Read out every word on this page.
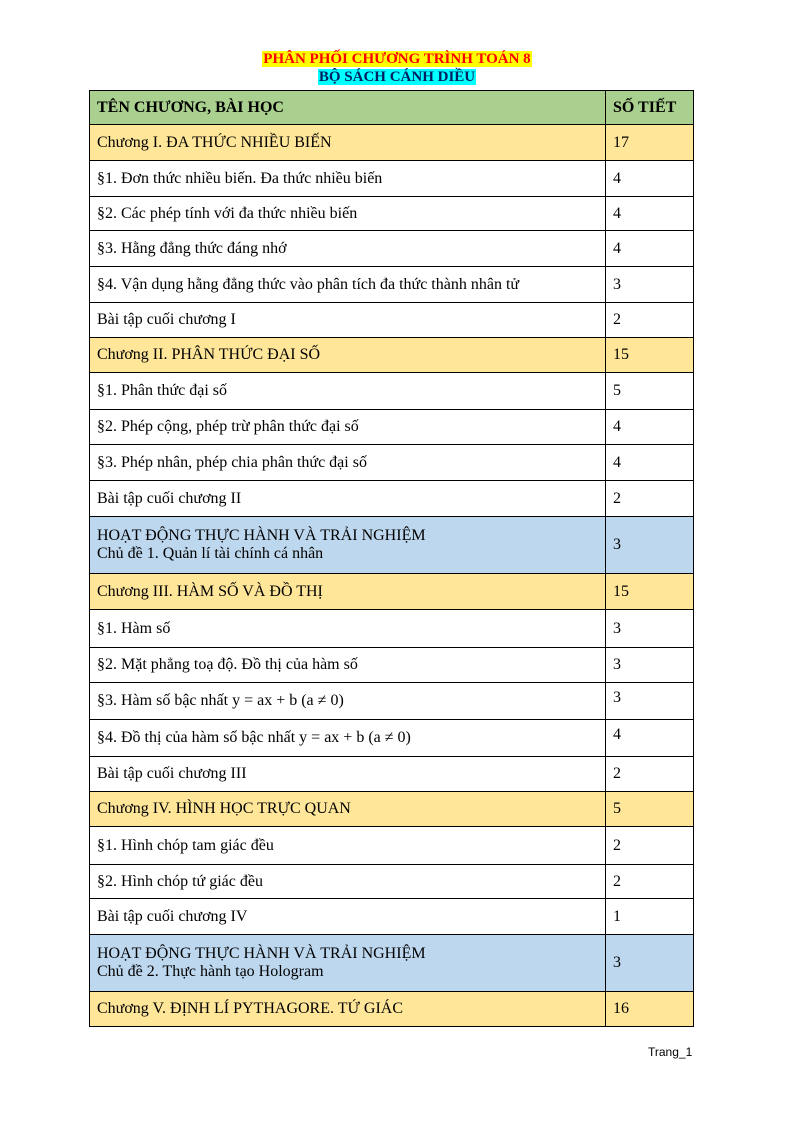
PHÂN PHỐI CHƯƠNG TRÌNH TOÁN 8
BỘ SÁCH CÁNH DIỀU
TÊN CHƯƠNG, BÀI HỌC	SỐ TIẾT
Chương I. ĐA THỨC NHIỀU BIẾN	17
§1. Đơn thức nhiều biến. Đa thức nhiều biến	4
§2. Các phép tính với đa thức nhiều biến	4
§3. Hằng đẳng thức đáng nhớ	4
§4. Vận dụng hằng đẳng thức vào phân tích đa thức thành nhân tử	3
Bài tập cuối chương I	2
Chương II. PHÂN THỨC ĐẠI SỐ	15
§1. Phân thức đại số	5
§2. Phép cộng, phép trừ phân thức đại số	4
§3. Phép nhân, phép chia phân thức đại số	4
Bài tập cuối chương II	2

HOẠT ĐỘNG THỰC HÀNH VÀ TRẢI NGHIỆM
Chủ đề 1. Quản lí tài chính cá nhân	3
Chương III. HÀM SỐ VÀ ĐỒ THỊ	15
§1. Hàm số	3
§2. Mặt phẳng toạ độ. Đồ thị của hàm số	3
§3. Hàm số bậc nhất y = ax + b (a ≠ 0)	3
§4. Đồ thị của hàm số bậc nhất y = ax + b (a ≠ 0)	4
Bài tập cuối chương III	2
Chương IV. HÌNH HỌC TRỰC QUAN	5
§1. Hình chóp tam giác đều	2
§2. Hình chóp tứ giác đều	2
Bài tập cuối chương IV	1

HOẠT ĐỘNG THỰC HÀNH VÀ TRẢI NGHIỆM
Chủ đề 2. Thực hành tạo Hologram	3
Chương V. ĐỊNH LÍ PYTHAGORE. TỨ GIÁC	16
Trang_1
